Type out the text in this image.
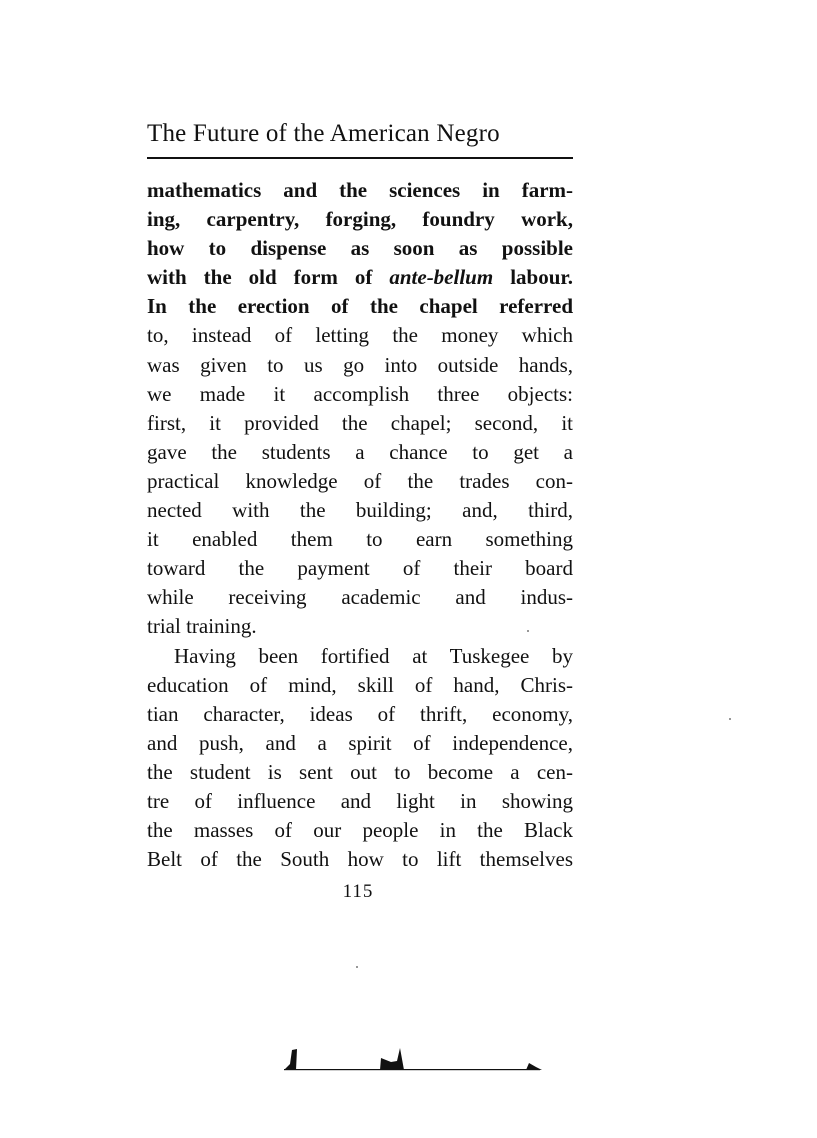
The Future of the American Negro
mathematics and the sciences in farm-
ing, carpentry, forging, foundry work,
how to dispense as soon as possible
with the old form of ante-bellum labour.
In the erection of the chapel referred
to, instead of letting the money which
was given to us go into outside hands,
we made it accomplish three objects:
first, it provided the chapel; second, it
gave the students a chance to get a
practical knowledge of the trades con-
nected with the building; and, third,
it enabled them to earn something
toward the payment of their board
while receiving academic and indus-
trial training.
Having been fortified at Tuskegee by
education of mind, skill of hand, Chris-
tian character, ideas of thrift, economy,
and push, and a spirit of independence,
the student is sent out to become a cen-
tre of influence and light in showing
the masses of our people in the Black
Belt of the South how to lift themselves
115
